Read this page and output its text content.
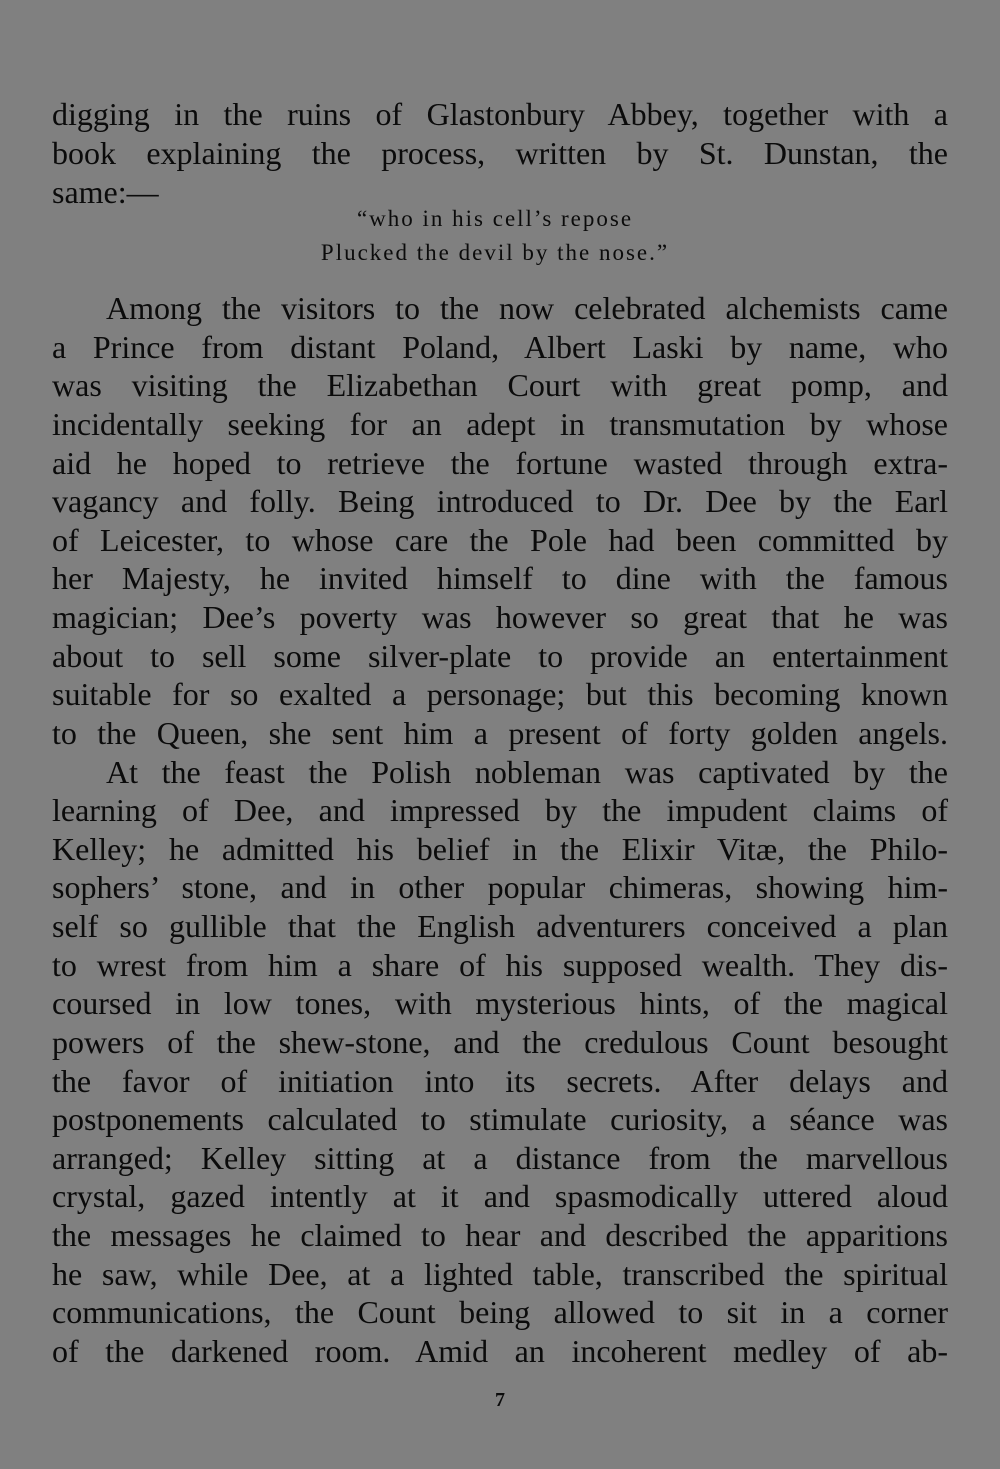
digging in the ruins of Glastonbury Abbey, together with a
book explaining the process, written by St. Dunstan, the
same:—
“who in his cell’s repose
Plucked the devil by the nose.”
Among the visitors to the now celebrated alchemists came
a Prince from distant Poland, Albert Laski by name, who
was visiting the Elizabethan Court with great pomp, and
incidentally seeking for an adept in transmutation by whose
aid he hoped to retrieve the fortune wasted through extra-
vagancy and folly. Being introduced to Dr. Dee by the Earl
of Leicester, to whose care the Pole had been committed by
her Majesty, he invited himself to dine with the famous
magician; Dee’s poverty was however so great that he was
about to sell some silver-plate to provide an entertainment
suitable for so exalted a personage; but this becoming known
to the Queen, she sent him a present of forty golden angels.
At the feast the Polish nobleman was captivated by the
learning of Dee, and impressed by the impudent claims of
Kelley; he admitted his belief in the Elixir Vitæ, the Philo-
sophers’ stone, and in other popular chimeras, showing him-
self so gullible that the English adventurers conceived a plan
to wrest from him a share of his supposed wealth. They dis-
coursed in low tones, with mysterious hints, of the magical
powers of the shew-stone, and the credulous Count besought
the favor of initiation into its secrets. After delays and
postponements calculated to stimulate curiosity, a séance was
arranged; Kelley sitting at a distance from the marvellous
crystal, gazed intently at it and spasmodically uttered aloud
the messages he claimed to hear and described the apparitions
he saw, while Dee, at a lighted table, transcribed the spiritual
communications, the Count being allowed to sit in a corner
of the darkened room. Amid an incoherent medley of ab-
7
